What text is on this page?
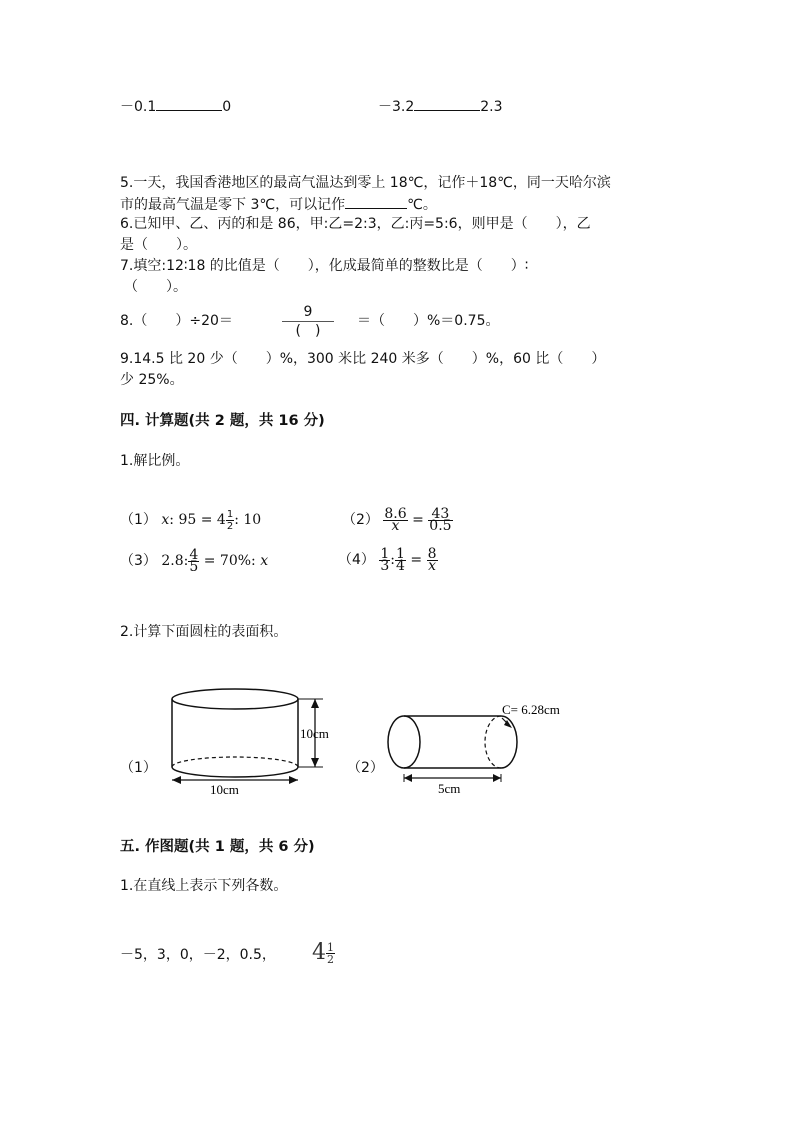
－0.1	0	－3.2	2.3
5.一天，我国香港地区的最高气温达到零上 18℃，记作＋18℃，同一天哈尔滨
市的最高气温是零下 3℃，可以记作	℃。
6.已知甲、乙、丙的和是 86，甲:乙=2:3，乙:丙=5:6，则甲是（　　），乙
是（　　）。
7.填空:12∶18 的比值是（　　），化成最简单的整数比是（　　）∶
（　　）。
8.（　　）÷20＝
9
(　)
＝（　　）%＝0.75。
9.14.5 比 20 少（　　）%，300 米比 240 米多（　　）%，60 比（　　）
少 25%。
四. 计算题(共 2 题，共 16 分)
1.解比例。
（1） x: $95 = 4 \frac{1}{2}$ : 10	$(2) \frac{8.6}{x} = \frac{43}{0.5}$
（3） 2.8: $\frac{4}{5} = 70\%$: x	$(4) \frac{1}{3}$ : $\frac{1}{4} = \frac{8}{x}$
2.计算下面圆柱的表面积。
（1）
10cm
10cm
（2）
C= 6.28cm
5cm
五. 作图题(共 1 题，共 6 分)
1.在直线上表示下列各数。
－5，3，0，－2，0.5， $4 \frac{1}{2}$
